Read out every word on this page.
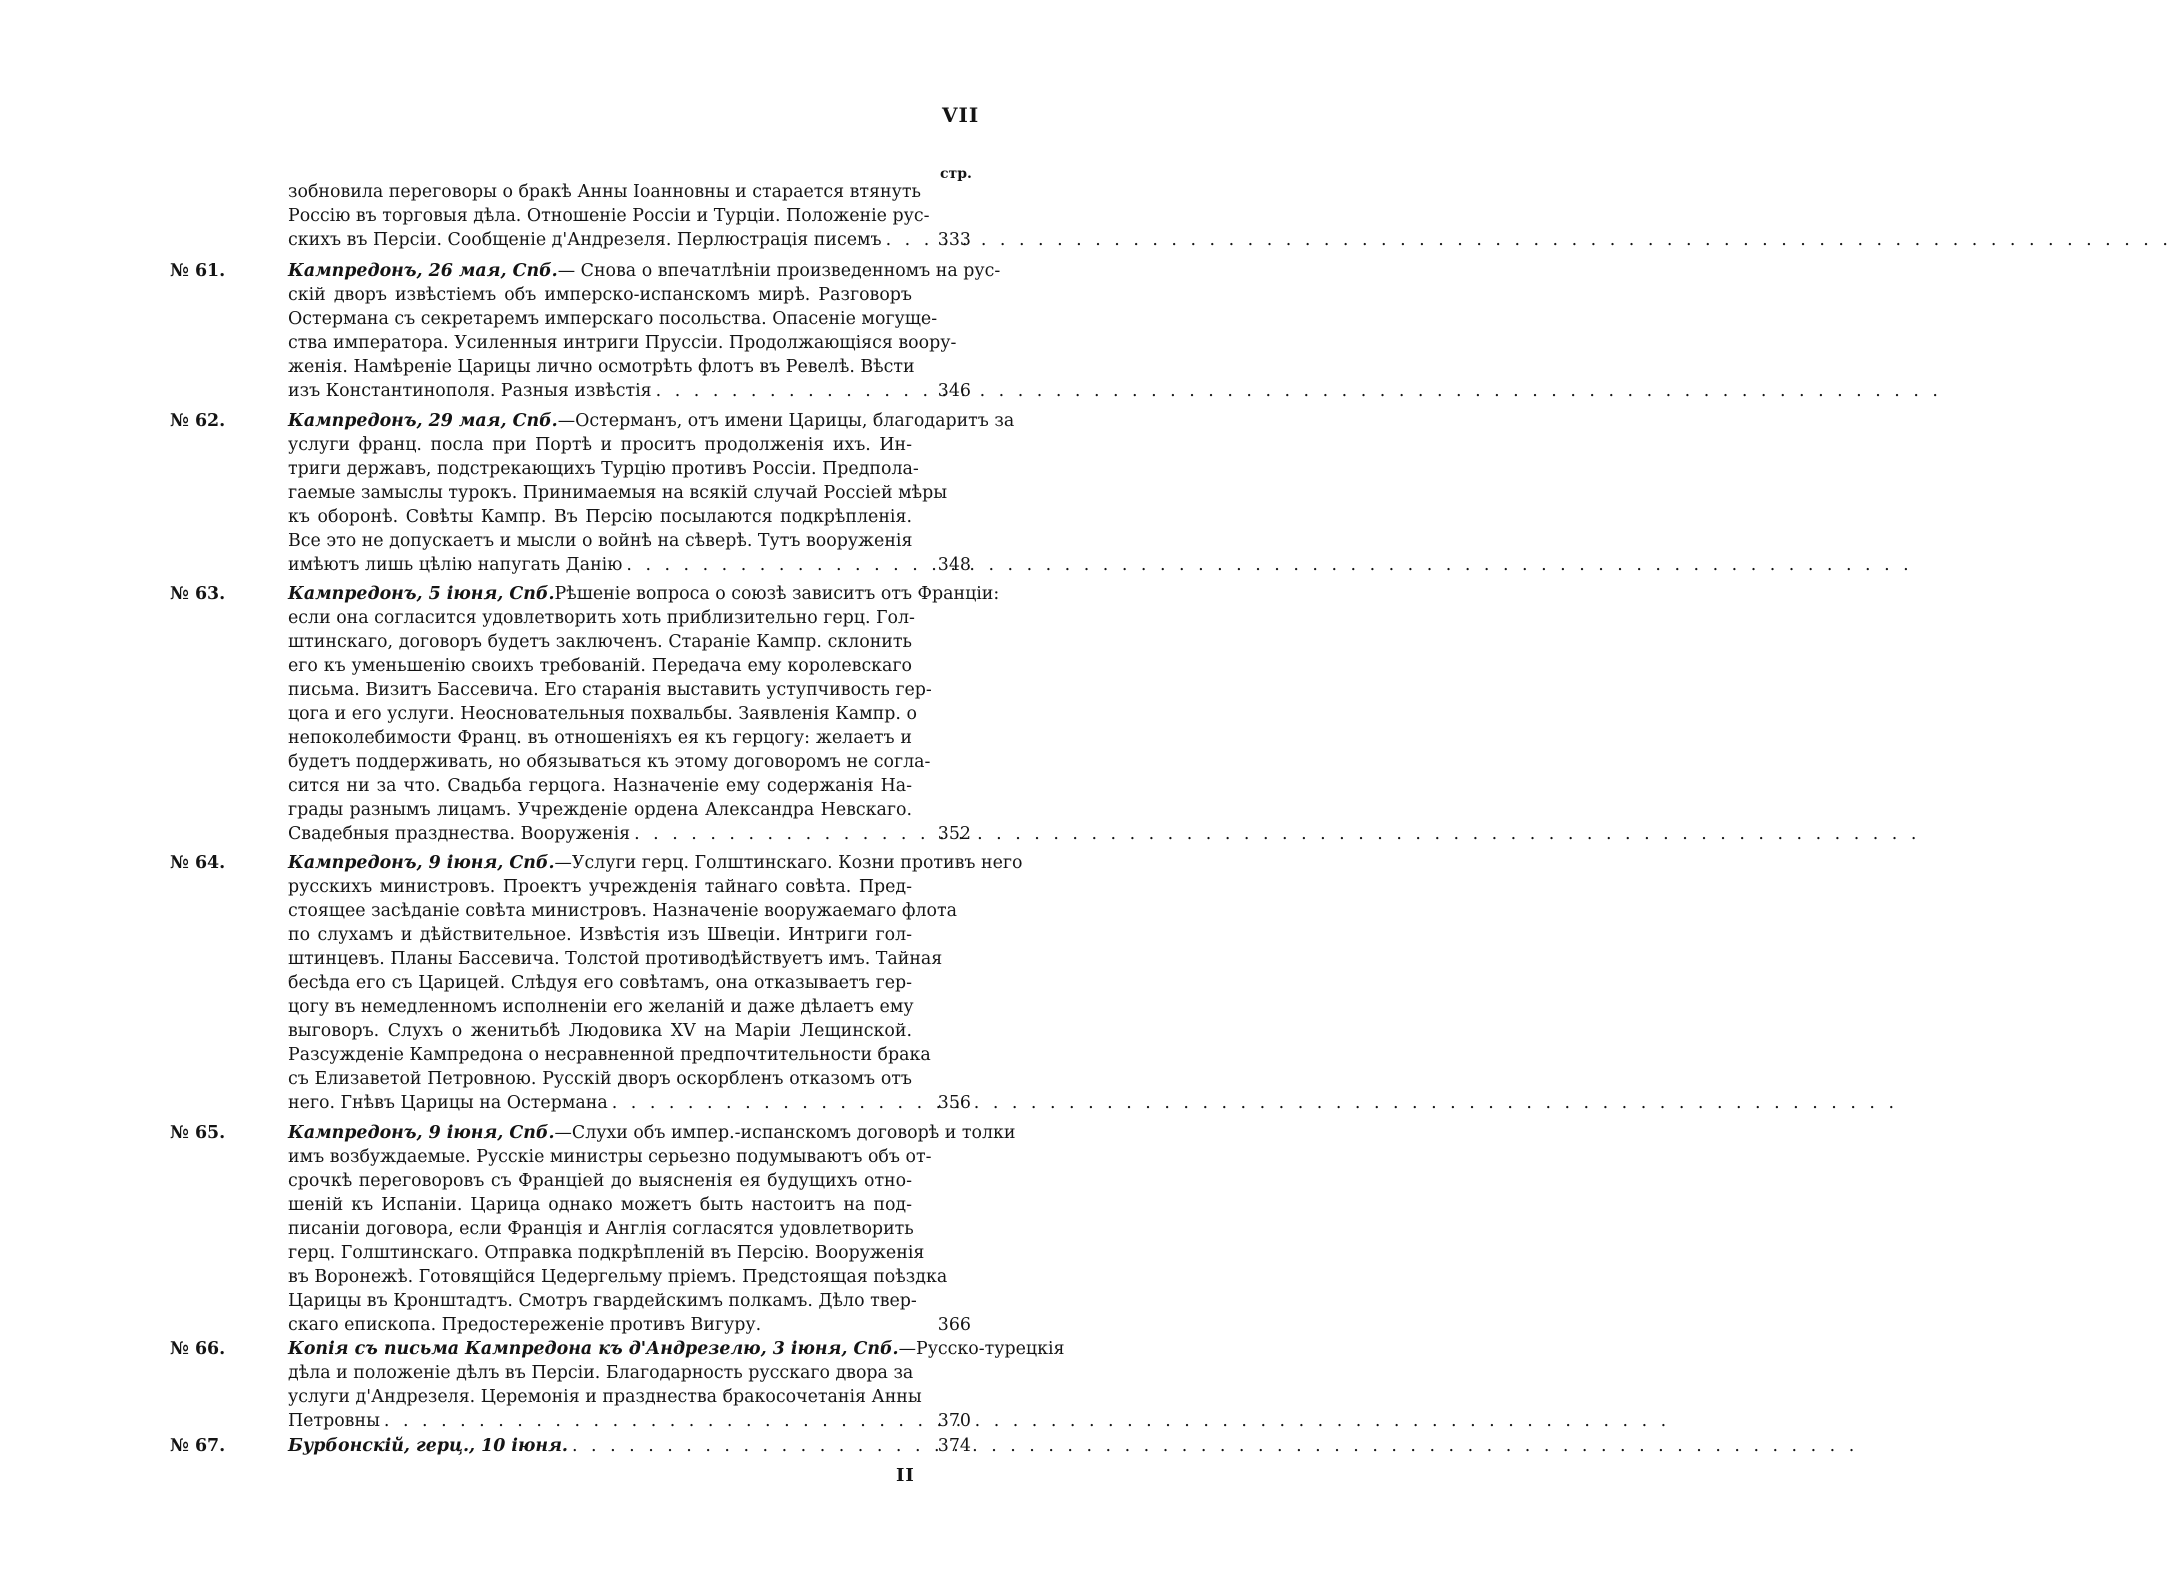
VII
стр.
зобновила переговоры о бракѣ Анны Іоанновны и старается втянуть
Россію въ торговыя дѣла. Отношеніе Россіи и Турціи. Положеніе рус-
скихъ въ Персіи. Сообщеніе д'Андрезеля. Перлюстрація писемъ . . .	333
№ 61.	Кампредонъ, 26 мая, Спб.— Снова о впечатлѣніи произведенномъ на рус-
скій дворъ извѣстіемъ объ имперско-испанскомъ мирѣ. Разговоръ
Остермана съ секретаремъ имперскаго посольства. Опасеніе могуще-
ства императора. Усиленныя интриги Пруссіи. Продолжающіяся воору-
женія. Намѣреніе Царицы лично осмотрѣть флотъ въ Ревелѣ. Вѣсти
изъ Константинополя. Разныя извѣстія . . .	346
№ 62.	Кампредонъ, 29 мая, Спб.—Остерманъ, отъ имени Царицы, благодаритъ за
услуги франц. посла при Портѣ и проситъ продолженія ихъ. Ин-
триги державъ, подстрекающихъ Турцію противъ Россіи. Предпола-
гаемые замыслы турокъ. Принимаемыя на всякій случай Россіей мѣры
къ оборонѣ. Совѣты Кампр. Въ Персію посылаются подкрѣпленія.
Все это не допускаетъ и мысли о войнѣ на сѣверѣ. Тутъ вооруженія
имѣютъ лишь цѣлію напугать Данію . . .	348
№ 63.	Кампредонъ, 5 іюня, Спб.Рѣшеніе вопроса о союзѣ зависитъ отъ Франціи:
если она согласится удовлетворить хоть приблизительно герц. Гол-
штинскаго, договоръ будетъ заключенъ. Стараніе Кампр. склонить
его къ уменьшенію своихъ требованій. Передача ему королевскаго
письма. Визитъ Бассевича. Его старанія выставить уступчивость гер-
цога и его услуги. Неосновательныя похвальбы. Заявленія Кампр. о
непоколебимости Франц. въ отношеніяхъ ея къ герцогу: желаетъ и
будетъ поддерживать, но обязываться къ этому договоромъ не согла-
сится ни за что. Свадьба герцога. Назначеніе ему содержанія На-
грады разнымъ лицамъ. Учрежденіе ордена Александра Невскаго.
Свадебныя празднества. Вооруженія . . .	352
№ 64.	Кампредонъ, 9 іюня, Спб.—Услуги герц. Голштинскаго. Козни противъ него
русскихъ министровъ. Проектъ учрежденія тайнаго совѣта. Пред-
стоящее засѣданіе совѣта министровъ. Назначеніе вооружаемаго флота
по слухамъ и дѣйствительное. Извѣстія изъ Швеціи. Интриги гол-
штинцевъ. Планы Бассевича. Толстой противодѣйствуетъ имъ. Тайная
бесѣда его съ Царицей. Слѣдуя его совѣтамъ, она отказываетъ гер-
цогу въ немедленномъ исполненіи его желаній и даже дѣлаетъ ему
выговоръ. Слухъ о женитьбѣ Людовика XV на Маріи Лещинской.
Разсужденіе Кампредона о несравненной предпочтительности брака
съ Елизаветой Петровною. Русскій дворъ оскорбленъ отказомъ отъ
него. Гнѣвъ Царицы на Остермана . . .	356
№ 65.	Кампредонъ, 9 іюня, Спб.—Слухи объ импер.-испанскомъ договорѣ и толки
имъ возбуждаемые. Русскіе министры серьезно подумываютъ объ от-
срочкѣ переговоровъ съ Франціей до выясненія ея будущихъ отно-
шеній къ Испаніи. Царица однако можетъ быть настоитъ на под-
писаніи договора, если Франція и Англія согласятся удовлетворить
герц. Голштинскаго. Отправка подкрѣпленій въ Персію. Вооруженія
въ Воронежѣ. Готовящійся Цедергельму пріемъ. Предстоящая поѣздка
Царицы въ Кронштадтъ. Смотръ гвардейскимъ полкамъ. Дѣло твер-
скаго епископа. Предостереженіе противъ Вигуру.	366
№ 66.	Копія съ письма Кампредона къ д'Андрезелю, 3 іюня, Спб.—Русско-турецкія
дѣла и положеніе дѣлъ въ Персіи. Благодарность русскаго двора за
услуги д'Андрезеля. Церемонія и празднества бракосочетанія Анны
Петровны . . .	370
№ 67.	Бурбонскій, герц., 10 іюня. . . .	374
II
